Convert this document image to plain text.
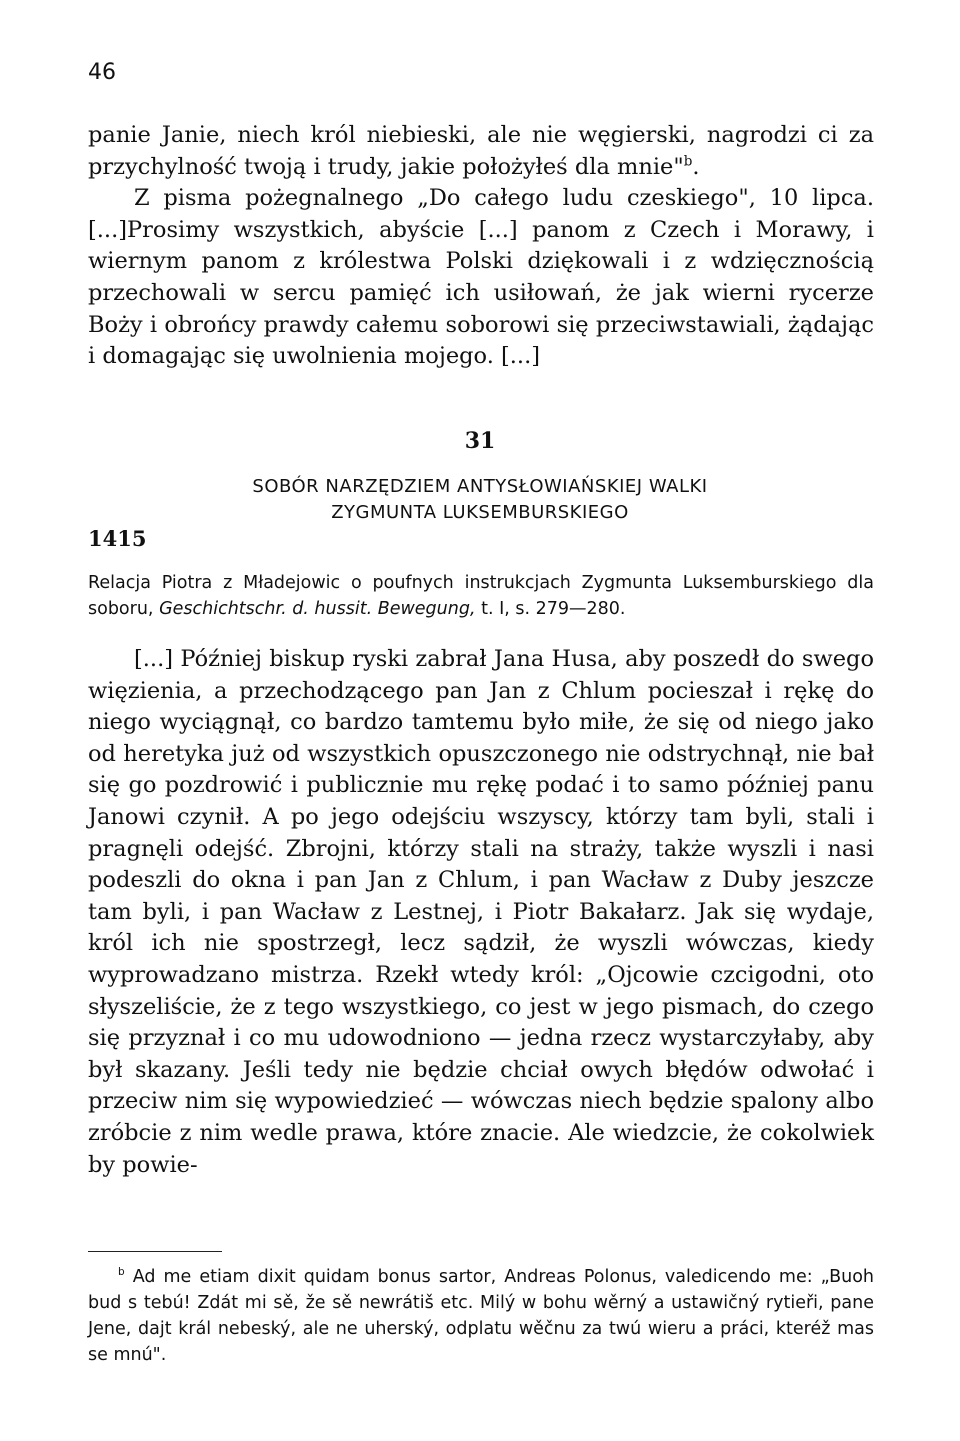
46

panie Janie, niech król niebieski, ale nie węgierski, nagrodzi ci za przychylność twoją i trudy, jakie położyłeś dla mnie"$^b$.

Z pisma pożegnalnego „Do całego ludu czeskiego", 10 lipca. [...]Prosimy wszystkich, abyście [...] panom z Czech i Morawy, i wiernym panom z królestwa Polski dziękowali i z wdzięcznością przechowali w sercu pamięć ich usiłowań, że jak wierni rycerze Boży i obrońcy prawdy całemu soborowi się przeciwstawiali, żądając i domagając się uwolnienia mojego. [...]

31
SOBÓR NARZĘDZIEM ANTYSŁOWIAŃSKIEJ WALKI
ZYGMUNTA LUKSEMBURSKIEGO
1415
Relacja Piotra z Mładejowic o poufnych instrukcjach Zygmunta Luksemburskiego dla soboru, Geschichtschr. d. hussit. Bewegung, t. I, s. 279—280.

[...] Później biskup ryski zabrał Jana Husa, aby poszedł do swego więzienia, a przechodzącego pan Jan z Chlum pocieszał i rękę do niego wyciągnął, co bardzo tamtemu było miłe, że się od niego jako od heretyka już od wszystkich opuszczonego nie odstrychnął, nie bał się go pozdrowić i publicznie mu rękę podać i to samo później panu Janowi czynił. A po jego odejściu wszyscy, którzy tam byli, stali i pragnęli odejść. Zbrojni, którzy stali na straży, także wyszli i nasi podeszli do okna i pan Jan z Chlum, i pan Wacław z Duby jeszcze tam byli, i pan Wacław z Lestnej, i Piotr Bakałarz. Jak się wydaje, król ich nie spostrzegł, lecz sądził, że wyszli wówczas, kiedy wyprowadzano mistrza. Rzekł wtedy król: „Ojcowie czcigodni, oto słyszeliście, że z tego wszystkiego, co jest w jego pismach, do czego się przyznał i co mu udowodniono — jedna rzecz wystarczyłaby, aby był skazany. Jeśli tedy nie będzie chciał owych błędów odwołać i przeciw nim się wypowiedzieć — wówczas niech będzie spalony albo zróbcie z nim wedle prawa, które znacie. Ale wiedzcie, że cokolwiek by powie-

$^b$ Ad me etiam dixit quidam bonus sartor, Andreas Polonus, valedicendo me: „Buoh bud s tebú! Zdát mi sě, že sě newrátiš etc. Milý w bohu wěrný a ustawičný rytieři, pane Jene, dajt král nebeský, ale ne uherský, odplatu wěčnu za twú wieru a práci, kteréž mas se mnú".
